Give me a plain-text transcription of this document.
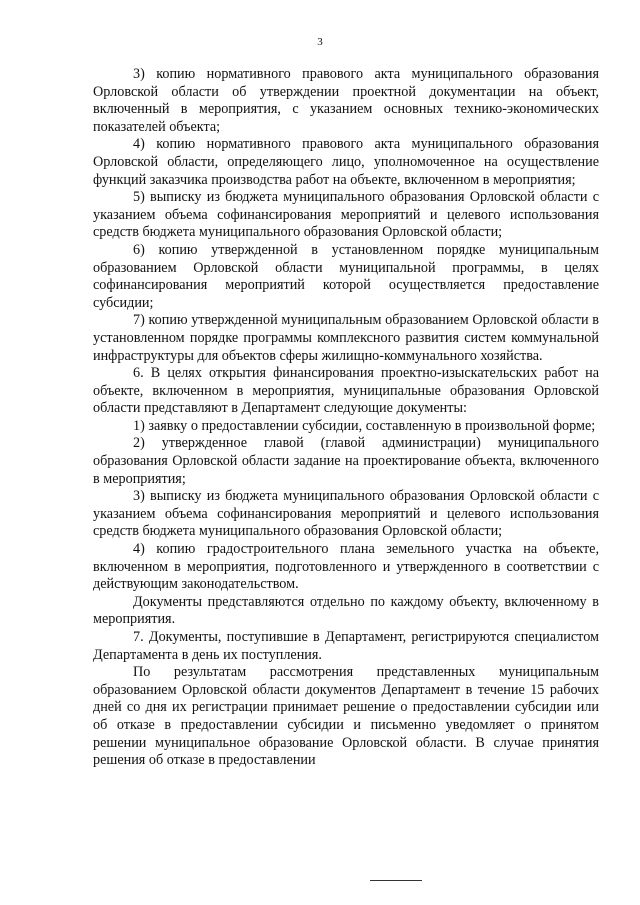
3

3) копию нормативного правового акта муниципального образования Орловской области об утверждении проектной документации на объект, включенный в мероприятия, с указанием основных технико-экономических показателей объекта;

4) копию нормативного правового акта муниципального образования Орловской области, определяющего лицо, уполномоченное на осуществление функций заказчика производства работ на объекте, включенном в мероприятия;

5) выписку из бюджета муниципального образования Орловской области с указанием объема софинансирования мероприятий и целевого использования средств бюджета муниципального образования Орловской области;

6) копию утвержденной в установленном порядке муниципальным образованием Орловской области муниципальной программы, в целях софинансирования мероприятий которой осуществляется предоставление субсидии;

7) копию утвержденной муниципальным образованием Орловской области в установленном порядке программы комплексного развития систем коммунальной инфраструктуры для объектов сферы жилищно-коммунального хозяйства.

6. В целях открытия финансирования проектно-изыскательских работ на объекте, включенном в мероприятия, муниципальные образования Орловской области представляют в Департамент следующие документы:

1) заявку о предоставлении субсидии, составленную в произвольной форме;

2) утвержденное главой (главой администрации) муниципального образования Орловской области задание на проектирование объекта, включенного в мероприятия;

3) выписку из бюджета муниципального образования Орловской области с указанием объема софинансирования мероприятий и целевого использования средств бюджета муниципального образования Орловской области;

4) копию градостроительного плана земельного участка на объекте, включенном в мероприятия, подготовленного и утвержденного в соответствии с действующим законодательством.

Документы представляются отдельно по каждому объекту, включенному в мероприятия.

7. Документы, поступившие в Департамент, регистрируются специалистом Департамента в день их поступления.

По результатам рассмотрения представленных муниципальным образованием Орловской области документов Департамент в течение 15 рабочих дней со дня их регистрации принимает решение о предоставлении субсидии или об отказе в предоставлении субсидии и письменно уведомляет о принятом решении муниципальное образование Орловской области. В случае принятия решения об отказе в предоставлении
